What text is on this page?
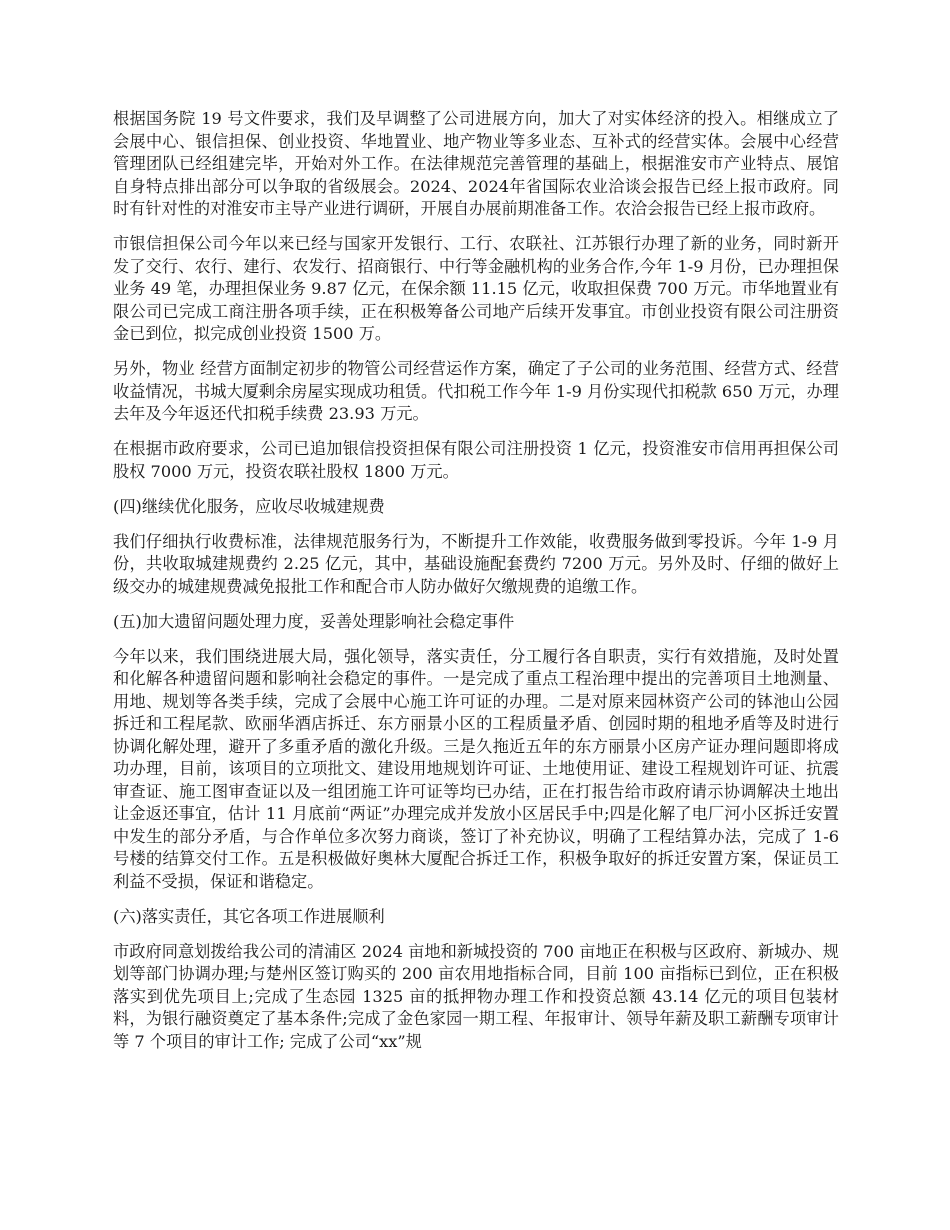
根据国务院 19 号文件要求，我们及早调整了公司进展方向，加大了对实体经济的投入。相继成立了会展中心、银信担保、创业投资、华地置业、地产物业等多业态、互补式的经营实体。会展中心经营管理团队已经组建完毕，开始对外工作。在法律规范完善管理的基础上，根据淮安市产业特点、展馆自身特点排出部分可以争取的省级展会。2024、2024年省国际农业洽谈会报告已经上报市政府。同时有针对性的对淮安市主导产业进行调研，开展自办展前期准备工作。农洽会报告已经上报市政府。

市银信担保公司今年以来已经与国家开发银行、工行、农联社、江苏银行办理了新的业务，同时新开发了交行、农行、建行、农发行、招商银行、中行等金融机构的业务合作,今年 1-9 月份，已办理担保业务 49 笔，办理担保业务 9.87 亿元，在保余额 11.15 亿元，收取担保费 700 万元。市华地置业有限公司已完成工商注册各项手续，正在积极筹备公司地产后续开发事宜。市创业投资有限公司注册资金已到位，拟完成创业投资 1500 万。

另外，物业 经营方面制定初步的物管公司经营运作方案，确定了子公司的业务范围、经营方式、经营收益情况，书城大厦剩余房屋实现成功租赁。代扣税工作今年 1-9 月份实现代扣税款 650 万元，办理去年及今年返还代扣税手续费 23.93 万元。

在根据市政府要求，公司已追加银信投资担保有限公司注册投资 1 亿元，投资淮安市信用再担保公司股权 7000 万元，投资农联社股权 1800 万元。

(四)继续优化服务，应收尽收城建规费

我们仔细执行收费标准，法律规范服务行为，不断提升工作效能，收费服务做到零投诉。今年 1-9 月份，共收取城建规费约 2.25 亿元，其中，基础设施配套费约 7200 万元。另外及时、仔细的做好上级交办的城建规费减免报批工作和配合市人防办做好欠缴规费的追缴工作。

(五)加大遗留问题处理力度，妥善处理影响社会稳定事件

今年以来，我们围绕进展大局，强化领导，落实责任，分工履行各自职责，实行有效措施，及时处置和化解各种遗留问题和影响社会稳定的事件。一是完成了重点工程治理中提出的完善项目土地测量、用地、规划等各类手续，完成了会展中心施工许可证的办理。二是对原来园林资产公司的钵池山公园拆迁和工程尾款、欧丽华酒店拆迁、东方丽景小区的工程质量矛盾、创园时期的租地矛盾等及时进行协调化解处理，避开了多重矛盾的激化升级。三是久拖近五年的东方丽景小区房产证办理问题即将成功办理，目前，该项目的立项批文、建设用地规划许可证、土地使用证、建设工程规划许可证、抗震审查证、施工图审查证以及一组团施工许可证等均已办结，正在打报告给市政府请示协调解决土地出让金返还事宜，估计 11 月底前“两证”办理完成并发放小区居民手中;四是化解了电厂河小区拆迁安置中发生的部分矛盾，与合作单位多次努力商谈，签订了补充协议，明确了工程结算办法，完成了 1-6 号楼的结算交付工作。五是积极做好奥林大厦配合拆迁工作，积极争取好的拆迁安置方案，保证员工利益不受损，保证和谐稳定。

(六)落实责任，其它各项工作进展顺利

市政府同意划拨给我公司的清浦区 2024 亩地和新城投资的 700 亩地正在积极与区政府、新城办、规划等部门协调办理;与楚州区签订购买的 200 亩农用地指标合同，目前 100 亩指标已到位，正在积极落实到优先项目上;完成了生态园 1325 亩的抵押物办理工作和投资总额 43.14 亿元的项目包装材料，为银行融资奠定了基本条件;完成了金色家园一期工程、年报审计、领导年薪及职工薪酬专项审计等 7 个项目的审计工作; 完成了公司“xx”规
